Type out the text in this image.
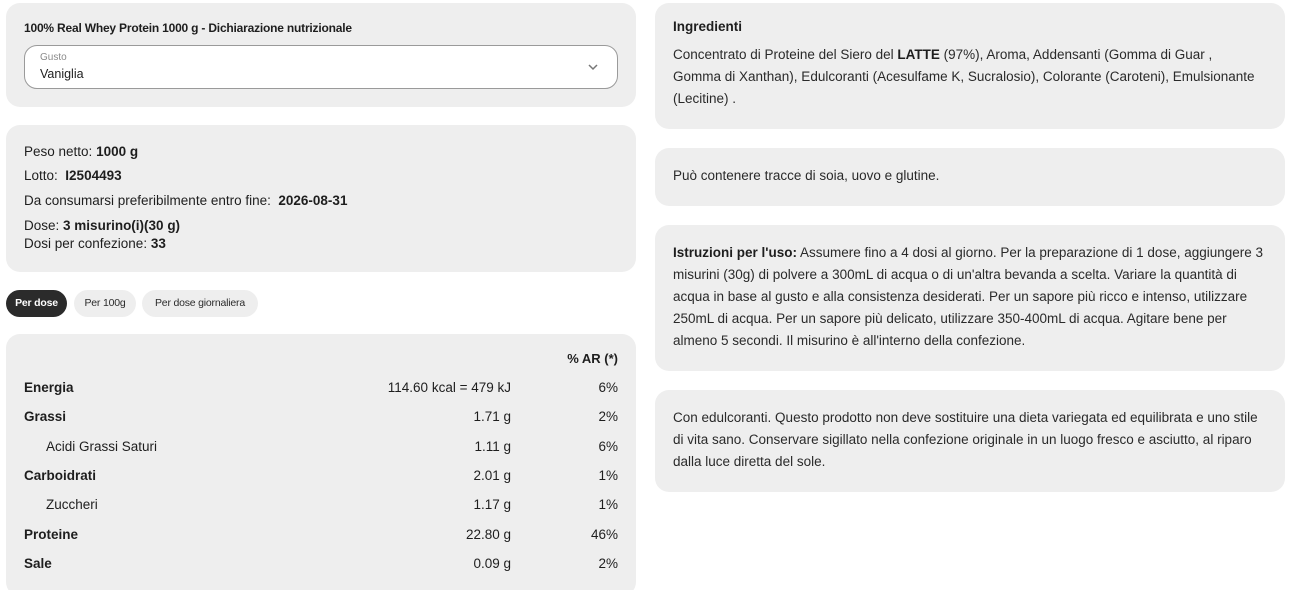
100% Real Whey Protein 1000 g - Dichiarazione nutrizionale
Gusto
Vaniglia
Peso netto: 1000 g
Lotto: I2504493
Da consumarsi preferibilmente entro fine: 2026-08-31
Dose: 3 misurino(i)(30 g)
Dosi per confezione: 33
Per dose	Per 100g	Per dose giornaliera
% AR (*)
Energia	114.60 kcal = 479 kJ	6%
Grassi	1.71 g	2%
Acidi Grassi Saturi	1.11 g	6%
Carboidrati	2.01 g	1%
Zuccheri	1.17 g	1%
Proteine	22.80 g	46%
Sale	0.09 g	2%
Ingredienti
Concentrato di Proteine del Siero del LATTE (97%), Aroma, Addensanti (Gomma di Guar , Gomma di Xanthan), Edulcoranti (Acesulfame K, Sucralosio), Colorante (Caroteni), Emulsionante (Lecitine) .
Può contenere tracce di soia, uovo e glutine.
Istruzioni per l'uso: Assumere fino a 4 dosi al giorno. Per la preparazione di 1 dose, aggiungere 3 misurini (30g) di polvere a 300mL di acqua o di un'altra bevanda a scelta. Variare la quantità di acqua in base al gusto e alla consistenza desiderati. Per un sapore più ricco e intenso, utilizzare 250mL di acqua. Per un sapore più delicato, utilizzare 350-400mL di acqua. Agitare bene per almeno 5 secondi. Il misurino è all'interno della confezione.
Con edulcoranti. Questo prodotto non deve sostituire una dieta variegata ed equilibrata e uno stile di vita sano. Conservare sigillato nella confezione originale in un luogo fresco e asciutto, al riparo dalla luce diretta del sole.
